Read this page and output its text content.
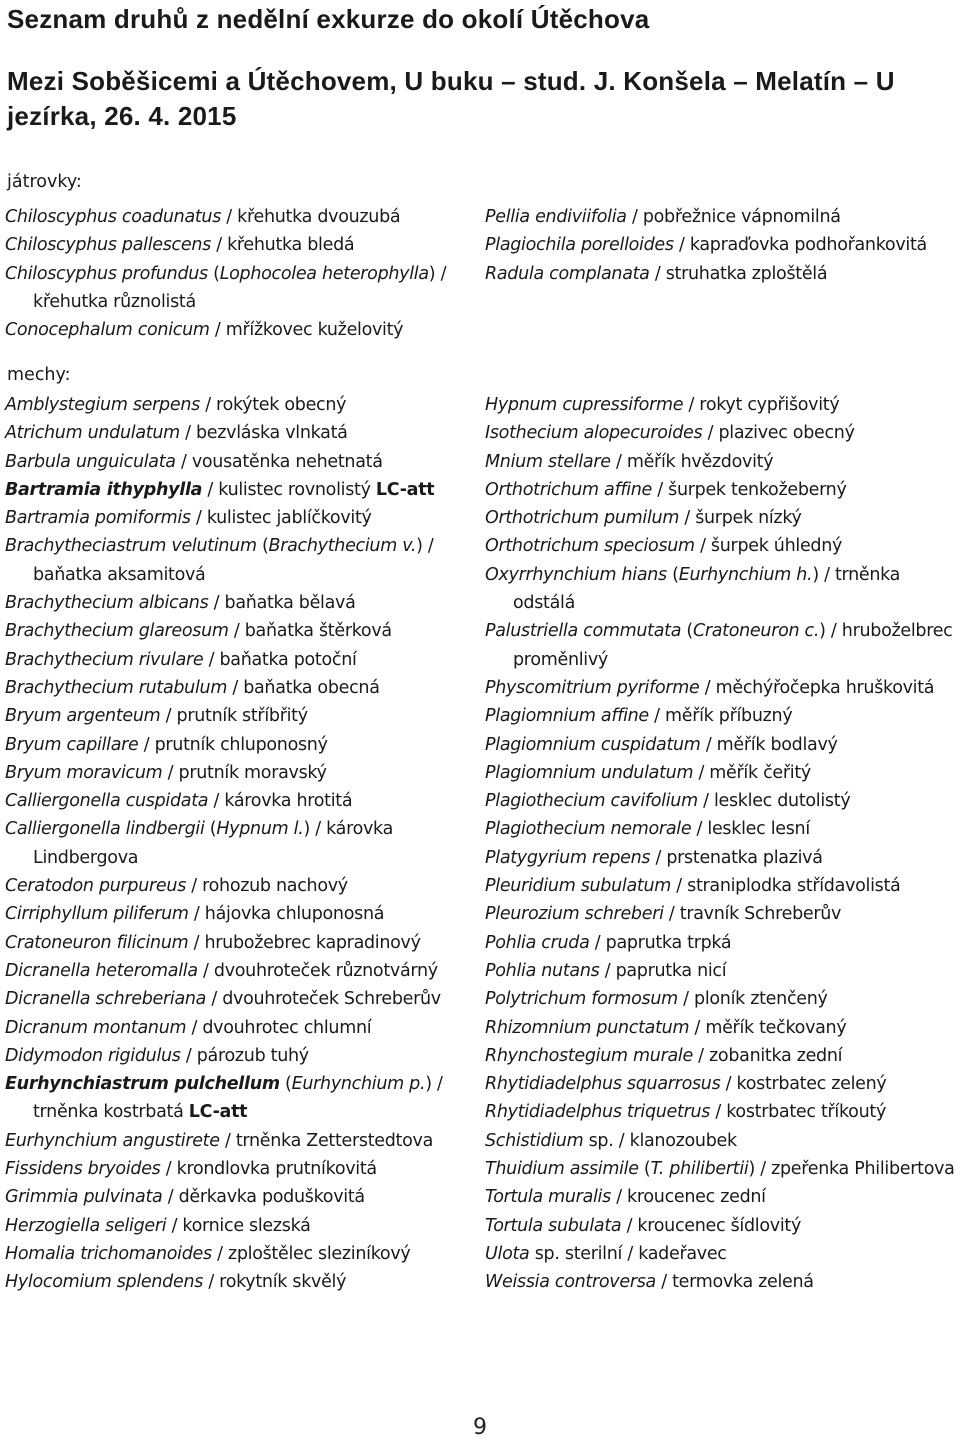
Seznam druhů z nedělní exkurze do okolí Útěchova
Mezi Soběšicemi a Útěchovem, U buku – stud. J. Konšela – Melatín – U jezírka, 26. 4. 2015
játrovky:
Chiloscyphus coadunatus / křehutka dvouzubá
Chiloscyphus pallescens / křehutka bledá
Chiloscyphus profundus (Lophocolea heterophylla) / křehutka různolistá
Conocephalum conicum / mřížkovec kuželovitý
Pellia endiviifolia / pobřežnice vápnomilná
Plagiochila porelloides / kapraďovka podhořankovitá
Radula complanata / struhatka zploštělá
mechy:
Amblystegium serpens / rokýtek obecný
Atrichum undulatum / bezvláska vlnkatá
Barbula unguiculata / vousatěnka nehetnatá
Bartramia ithyphylla / kulistec rovnolistý LC-att
Bartramia pomiformis / kulistec jablíčkovitý
Brachytheciastrum velutinum (Brachythecium v.) / baňatka aksamitová
Brachythecium albicans / baňatka bělavá
Brachythecium glareosum / baňatka štěrková
Brachythecium rivulare / baňatka potoční
Brachythecium rutabulum / baňatka obecná
Bryum argenteum / prutník stříbřitý
Bryum capillare / prutník chluponosný
Bryum moravicum / prutník moravský
Calliergonella cuspidata / károvka hrotitá
Calliergonella lindbergii (Hypnum l.) / károvka Lindbergova
Ceratodon purpureus / rohozub nachový
Cirriphyllum piliferum / hájovka chluponosná
Cratoneuron filicinum / hrubožebrec kapradinový
Dicranella heteromalla / dvouhroteček různotvárný
Dicranella schreberiana / dvouhroteček Schreberův
Dicranum montanum / dvouhrotec chlumní
Didymodon rigidulus / pározub tuhý
Eurhynchiastrum pulchellum (Eurhynchium p.) / trněnka kostrbatá LC-att
Eurhynchium angustirete / trněnka Zetterstedtova
Fissidens bryoides / krondlovka prutníkovitá
Grimmia pulvinata / děrkavka poduškovitá
Herzogiella seligeri / kornice slezská
Homalia trichomanoides / zploštělec sleziníkový
Hylocomium splendens / rokytník skvělý
Hypnum cupressiforme / rokyt cypřišovitý
Isothecium alopecuroides / plazivec obecný
Mnium stellare / měřík hvězdovitý
Orthotrichum affine / šurpek tenkožeberný
Orthotrichum pumilum / šurpek nízký
Orthotrichum speciosum / šurpek úhledný
Oxyrrhynchium hians (Eurhynchium h.) / trněnka odstálá
Palustriella commutata (Cratoneuron c.) / hruboželbrec proměnlivý
Physcomitrium pyriforme / měchýřočepka hruškovitá
Plagiomnium affine / měřík příbuzný
Plagiomnium cuspidatum / měřík bodlavý
Plagiomnium undulatum / měřík čeřitý
Plagiothecium cavifolium / lesklec dutolistý
Plagiothecium nemorale / lesklec lesní
Platygyrium repens / prstenatka plazivá
Pleuridium subulatum / straniplodka střídavolistá
Pleurozium schreberi / travník Schreberův
Pohlia cruda / paprutka trpká
Pohlia nutans / paprutka nicí
Polytrichum formosum / ploník ztenčený
Rhizomnium punctatum / měřík tečkovaný
Rhynchostegium murale / zobanitka zední
Rhytidiadelphus squarrosus / kostrbatec zelený
Rhytidiadelphus triquetrus / kostrbatec tříkoutý
Schistidium sp. / klanozoubek
Thuidium assimile (T. philibertii) / zpeřenka Philibertova
Tortula muralis / kroucenec zední
Tortula subulata / kroucenec šídlovitý
Ulota sp. sterilní / kadeřavec
Weissia controversa / termovka zelená
9
